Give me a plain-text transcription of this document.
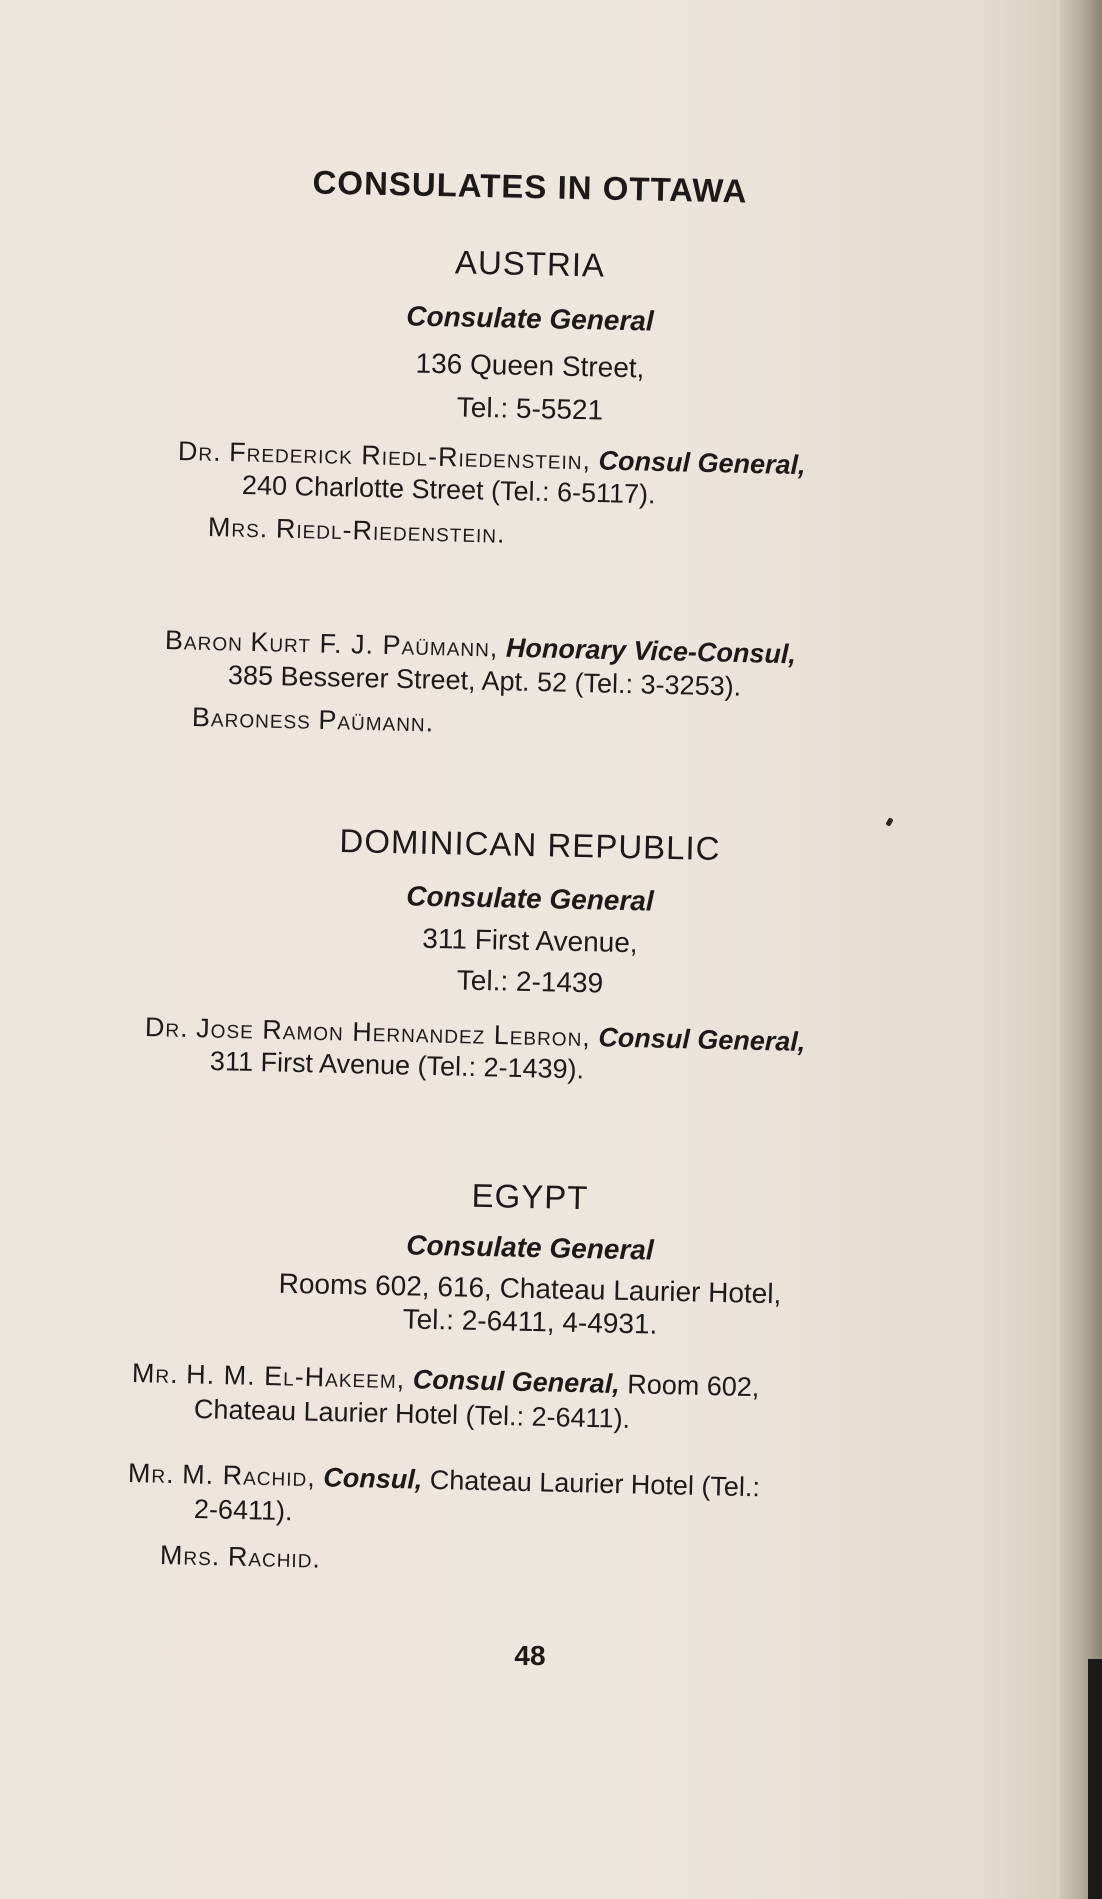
CONSULATES IN OTTAWA
AUSTRIA
Consulate General
136 Queen Street,
Tel.: 5-5521
Dr. Frederick Riedl-Riedenstein, Consul General,
240 Charlotte Street (Tel.: 6-5117).
Mrs. Riedl-Riedenstein.
Baron Kurt F. J. Paümann, Honorary Vice-Consul,
385 Besserer Street, Apt. 52 (Tel.: 3-3253).
Baroness Paümann.
DOMINICAN REPUBLIC
Consulate General
311 First Avenue,
Tel.: 2-1439
Dr. Jose Ramon Hernandez Lebron, Consul General,
311 First Avenue (Tel.: 2-1439).
EGYPT
Consulate General
Rooms 602, 616, Chateau Laurier Hotel,
Tel.: 2-6411, 4-4931.
Mr. H. M. El-Hakeem, Consul General, Room 602,
Chateau Laurier Hotel (Tel.: 2-6411).
Mr. M. Rachid, Consul, Chateau Laurier Hotel (Tel.:
2-6411).
Mrs. Rachid.
48
